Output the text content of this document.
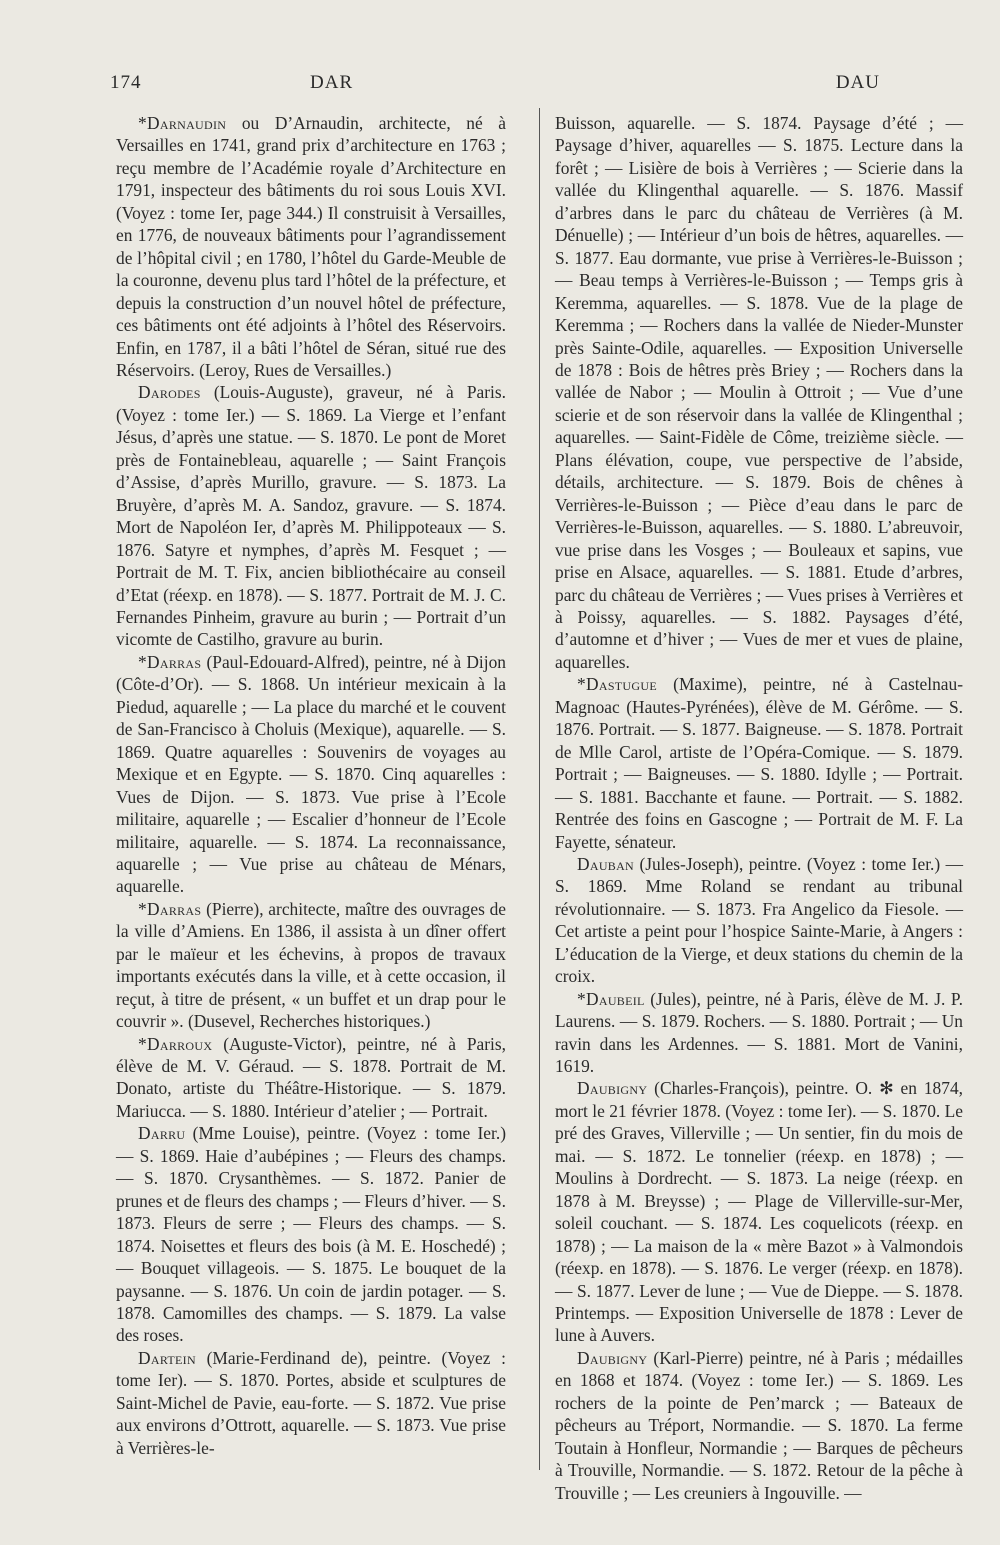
174	DAR	DAU

*Darnaudin ou D’Arnaudin, architecte, né à Versailles en 1741, grand prix d’architecture en 1763 ; reçu membre de l’Académie royale d’Architecture en 1791, inspecteur des bâtiments du roi sous Louis XVI. (Voyez : tome Ier, page 344.) Il construisit à Versailles, en 1776, de nouveaux bâtiments pour l’agrandissement de l’hôpital civil ; en 1780, l’hôtel du Garde-Meuble de la couronne, devenu plus tard l’hôtel de la préfecture, et depuis la construction d’un nouvel hôtel de préfecture, ces bâtiments ont été adjoints à l’hôtel des Réservoirs. Enfin, en 1787, il a bâti l’hôtel de Séran, situé rue des Réservoirs. (Leroy, Rues de Versailles.)

Darodes (Louis-Auguste), graveur, né à Paris. (Voyez : tome Ier.) — S. 1869. La Vierge et l’enfant Jésus, d’après une statue. — S. 1870. Le pont de Moret près de Fontainebleau, aquarelle ; — Saint François d’Assise, d’après Murillo, gravure. — S. 1873. La Bruyère, d’après M. A. Sandoz, gravure. — S. 1874. Mort de Napoléon Ier, d’après M. Philippoteaux — S. 1876. Satyre et nymphes, d’après M. Fesquet ; — Portrait de M. T. Fix, ancien bibliothécaire au conseil d’Etat (réexp. en 1878). — S. 1877. Portrait de M. J. C. Fernandes Pinheim, gravure au burin ; — Portrait d’un vicomte de Castilho, gravure au burin.

*Darras (Paul-Edouard-Alfred), peintre, né à Dijon (Côte-d’Or). — S. 1868. Un intérieur mexicain à la Piedud, aquarelle ; — La place du marché et le couvent de San-Francisco à Choluis (Mexique), aquarelle. — S. 1869. Quatre aquarelles : Souvenirs de voyages au Mexique et en Egypte. — S. 1870. Cinq aquarelles : Vues de Dijon. — S. 1873. Vue prise à l’Ecole militaire, aquarelle ; — Escalier d’honneur de l’Ecole militaire, aquarelle. — S. 1874. La reconnaissance, aquarelle ; — Vue prise au château de Ménars, aquarelle.

*Darras (Pierre), architecte, maître des ouvrages de la ville d’Amiens. En 1386, il assista à un dîner offert par le maïeur et les échevins, à propos de travaux importants exécutés dans la ville, et à cette occasion, il reçut, à titre de présent, « un buffet et un drap pour le couvrir ». (Dusevel, Recherches historiques.)

*Darroux (Auguste-Victor), peintre, né à Paris, élève de M. V. Géraud. — S. 1878. Portrait de M. Donato, artiste du Théâtre-Historique. — S. 1879. Mariucca. — S. 1880. Intérieur d’atelier ; — Portrait.

Darru (Mme Louise), peintre. (Voyez : tome Ier.) — S. 1869. Haie d’aubépines ; — Fleurs des champs. — S. 1870. Crysanthèmes. — S. 1872. Panier de prunes et de fleurs des champs ; — Fleurs d’hiver. — S. 1873. Fleurs de serre ; — Fleurs des champs. — S. 1874. Noisettes et fleurs des bois (à M. E. Hoschedé) ; — Bouquet villageois. — S. 1875. Le bouquet de la paysanne. — S. 1876. Un coin de jardin potager. — S. 1878. Camomilles des champs. — S. 1879. La valse des roses.

Dartein (Marie-Ferdinand de), peintre. (Voyez : tome Ier). — S. 1870. Portes, abside et sculptures de Saint-Michel de Pavie, eau-forte. — S. 1872. Vue prise aux environs d’Ottrott, aquarelle. — S. 1873. Vue prise à Verrières-le-

Buisson, aquarelle. — S. 1874. Paysage d’été ; — Paysage d’hiver, aquarelles — S. 1875. Lecture dans la forêt ; — Lisière de bois à Verrières ; — Scierie dans la vallée du Klingenthal aquarelle. — S. 1876. Massif d’arbres dans le parc du château de Verrières (à M. Dénuelle) ; — Intérieur d’un bois de hêtres, aquarelles. — S. 1877. Eau dormante, vue prise à Verrières-le-Buisson ; — Beau temps à Verrières-le-Buisson ; — Temps gris à Keremma, aquarelles. — S. 1878. Vue de la plage de Keremma ; — Rochers dans la vallée de Nieder-Munster près Sainte-Odile, aquarelles. — Exposition Universelle de 1878 : Bois de hêtres près Briey ; — Rochers dans la vallée de Nabor ; — Moulin à Ottroit ; — Vue d’une scierie et de son réservoir dans la vallée de Klingenthal ; aquarelles. — Saint-Fidèle de Côme, treizième siècle. — Plans élévation, coupe, vue perspective de l’abside, détails, architecture. — S. 1879. Bois de chênes à Verrières-le-Buisson ; — Pièce d’eau dans le parc de Verrières-le-Buisson, aquarelles. — S. 1880. L’abreuvoir, vue prise dans les Vosges ; — Bouleaux et sapins, vue prise en Alsace, aquarelles. — S. 1881. Etude d’arbres, parc du château de Verrières ; — Vues prises à Verrières et à Poissy, aquarelles. — S. 1882. Paysages d’été, d’automne et d’hiver ; — Vues de mer et vues de plaine, aquarelles.

*Dastugue (Maxime), peintre, né à Castelnau-Magnoac (Hautes-Pyrénées), élève de M. Gérôme. — S. 1876. Portrait. — S. 1877. Baigneuse. — S. 1878. Portrait de Mlle Carol, artiste de l’Opéra-Comique. — S. 1879. Portrait ; — Baigneuses. — S. 1880. Idylle ; — Portrait. — S. 1881. Bacchante et faune. — Portrait. — S. 1882. Rentrée des foins en Gascogne ; — Portrait de M. F. La Fayette, sénateur.

Dauban (Jules-Joseph), peintre. (Voyez : tome Ier.) — S. 1869. Mme Roland se rendant au tribunal révolutionnaire. — S. 1873. Fra Angelico da Fiesole. — Cet artiste a peint pour l’hospice Sainte-Marie, à Angers : L’éducation de la Vierge, et deux stations du chemin de la croix.

*Daubeil (Jules), peintre, né à Paris, élève de M. J. P. Laurens. — S. 1879. Rochers. — S. 1880. Portrait ; — Un ravin dans les Ardennes. — S. 1881. Mort de Vanini, 1619.

Daubigny (Charles-François), peintre. O. ✻ en 1874, mort le 21 février 1878. (Voyez : tome Ier). — S. 1870. Le pré des Graves, Villerville ; — Un sentier, fin du mois de mai. — S. 1872. Le tonnelier (réexp. en 1878) ; — Moulins à Dordrecht. — S. 1873. La neige (réexp. en 1878 à M. Breysse) ; — Plage de Villerville-sur-Mer, soleil couchant. — S. 1874. Les coquelicots (réexp. en 1878) ; — La maison de la « mère Bazot » à Valmondois (réexp. en 1878). — S. 1876. Le verger (réexp. en 1878). — S. 1877. Lever de lune ; — Vue de Dieppe. — S. 1878. Printemps. — Exposition Universelle de 1878 : Lever de lune à Auvers.

Daubigny (Karl-Pierre) peintre, né à Paris ; médailles en 1868 et 1874. (Voyez : tome Ier.) — S. 1869. Les rochers de la pointe de Pen’marck ; — Bateaux de pêcheurs au Tréport, Normandie. — S. 1870. La ferme Toutain à Honfleur, Normandie ; — Barques de pêcheurs à Trouville, Normandie. — S. 1872. Retour de la pêche à Trouville ; — Les creuniers à Ingouville. —
